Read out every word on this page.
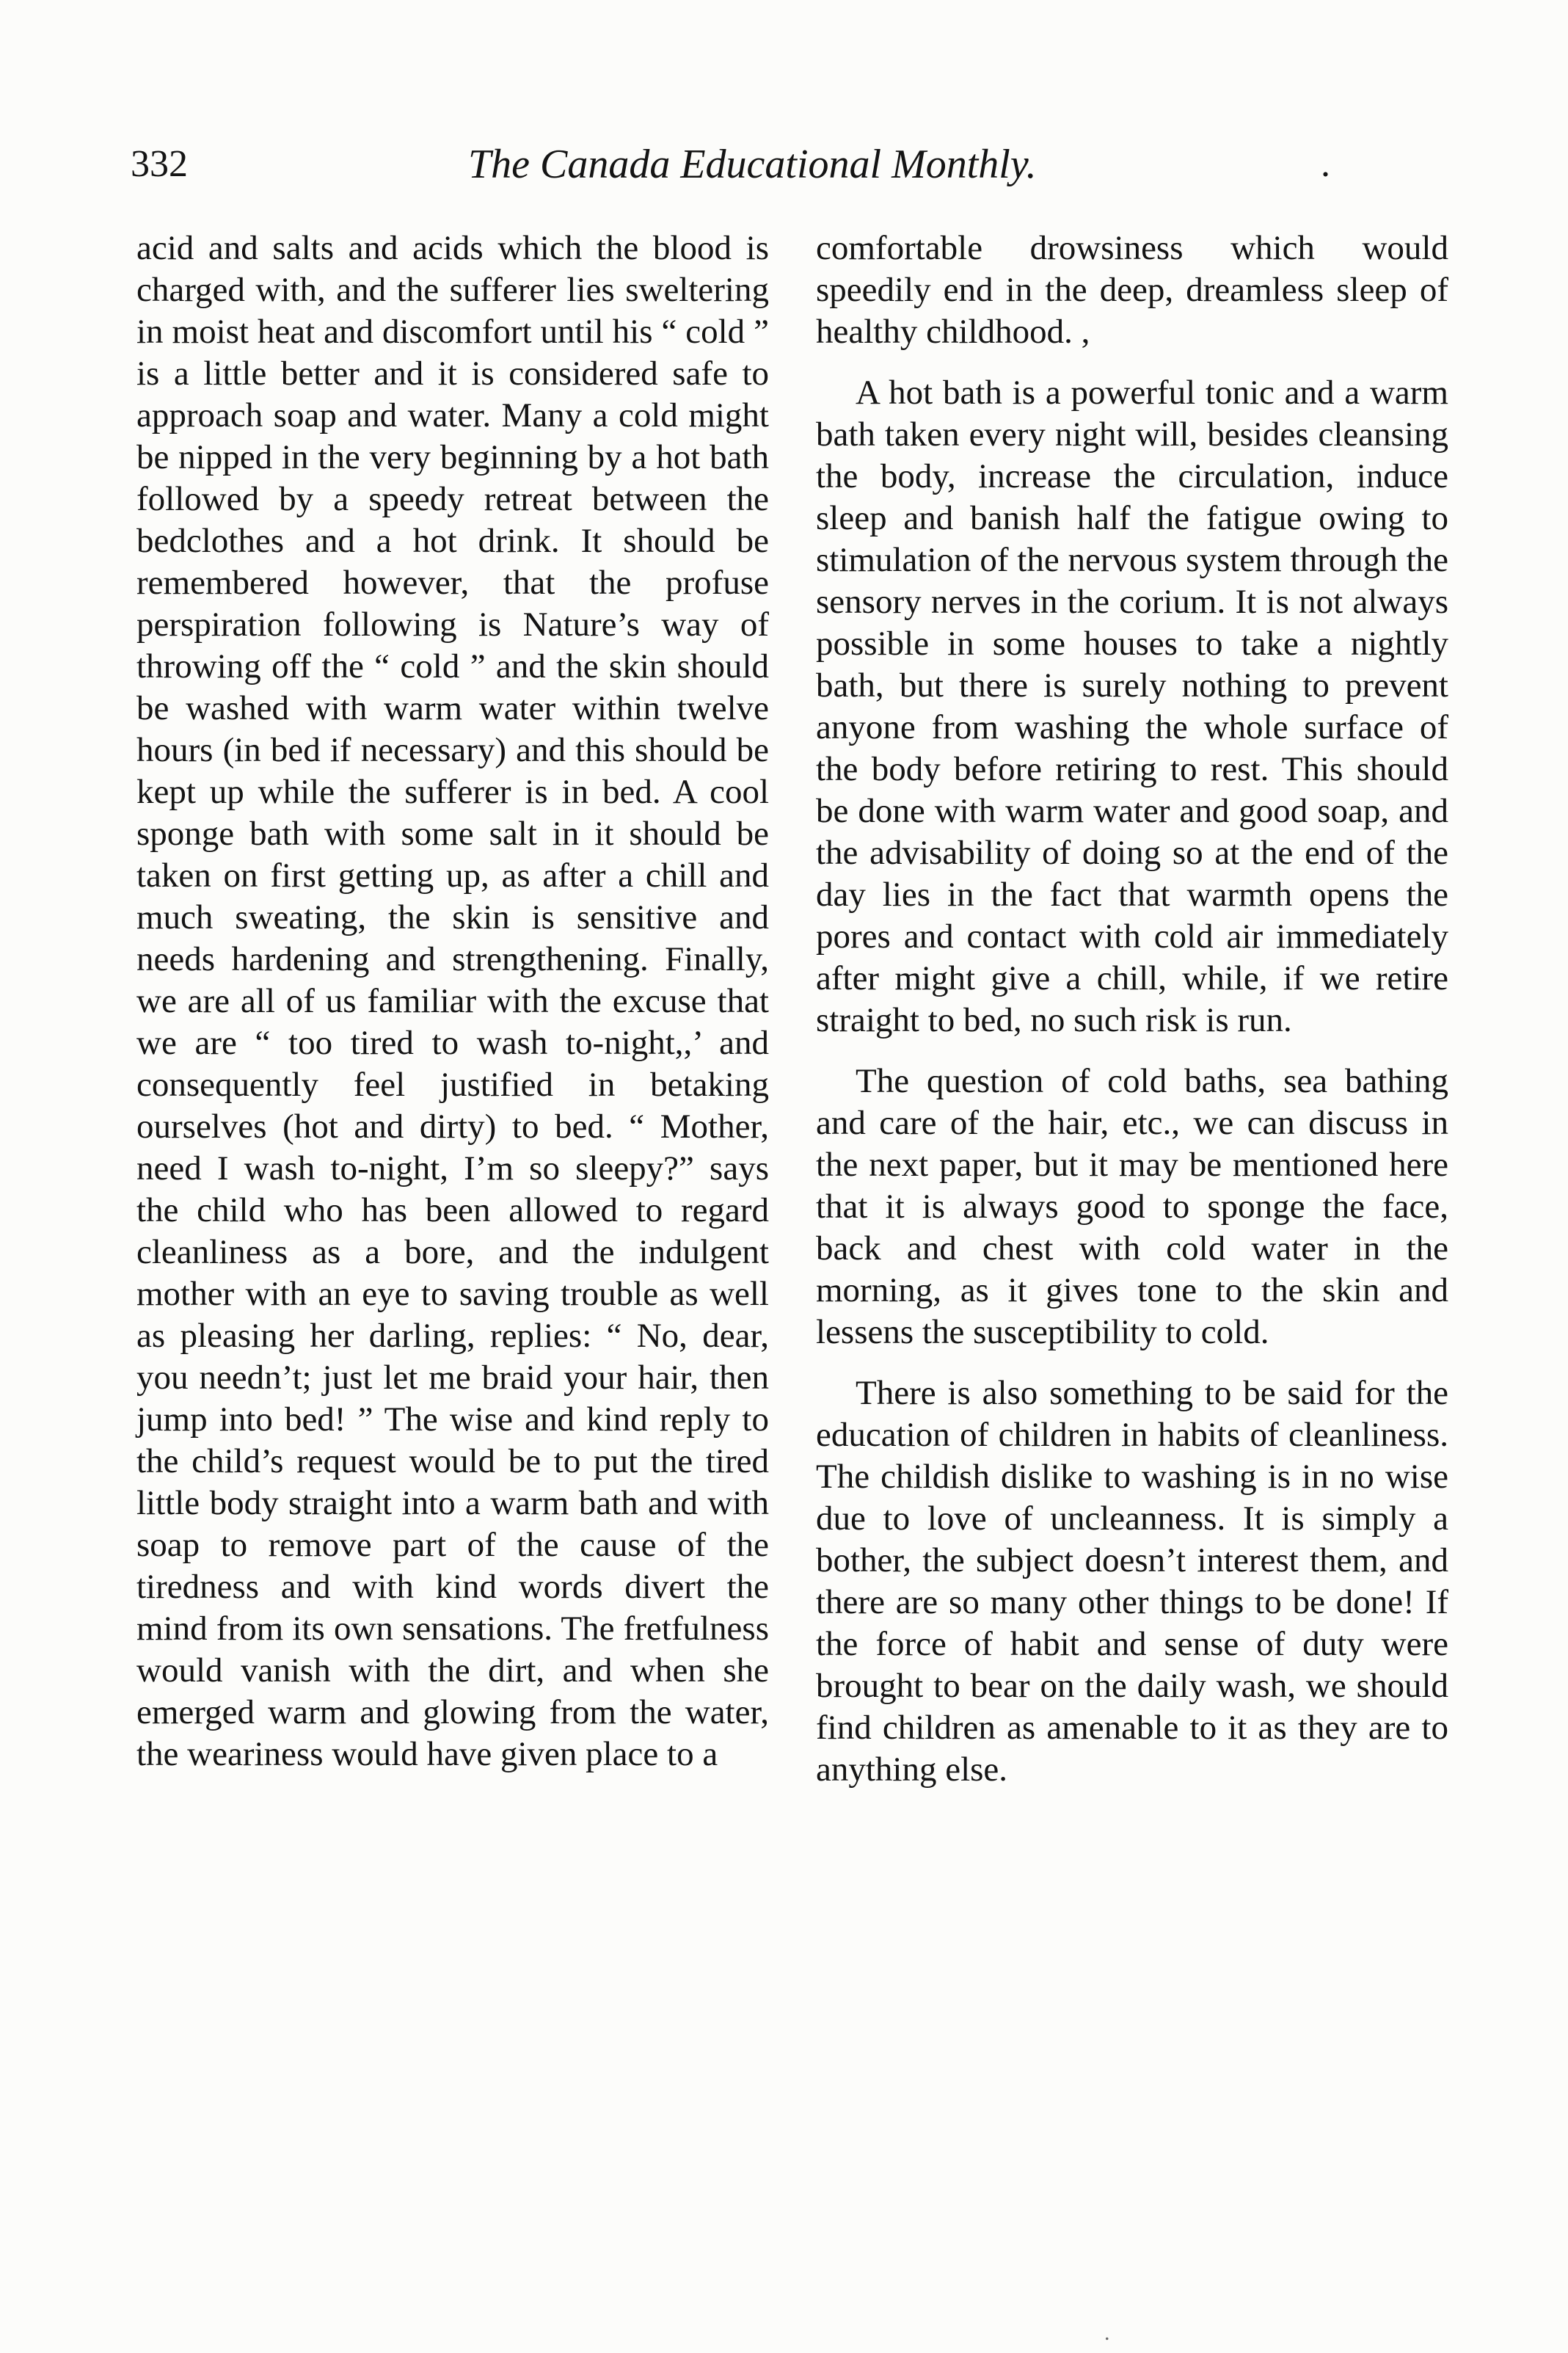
332	The Canada Educational Monthly.	.

acid and salts and acids which the blood is charged with, and the sufferer lies sweltering in moist heat and discomfort until his “ cold ” is a little better and it is considered safe to approach soap and water. Many a cold might be nipped in the very beginning by a hot bath followed by a speedy retreat between the bedclothes and a hot drink. It should be remembered however, that the profuse perspiration following is Nature’s way of throwing off the “ cold ” and the skin should be washed with warm water within twelve hours (in bed if necessary) and this should be kept up while the sufferer is in bed. A cool sponge bath with some salt in it should be taken on first getting up, as after a chill and much sweating, the skin is sensitive and needs hardening and strengthening. Finally, we are all of us familiar with the excuse that we are “ too tired to wash to-night,,’ and consequently feel justified in betaking ourselves (hot and dirty) to bed. “ Mother, need I wash to-night, I’m so sleepy?” says the child who has been allowed to regard cleanliness as a bore, and the indulgent mother with an eye to saving trouble as well as pleasing her darling, replies: “ No, dear, you needn’t; just let me braid your hair, then jump into bed! ” The wise and kind reply to the child’s request would be to put the tired little body straight into a warm bath and with soap to remove part of the cause of the tiredness and with kind words divert the mind from its own sensations. The fretfulness would vanish with the dirt, and when she emerged warm and glowing from the water, the weariness would have given place to a

comfortable drowsiness which would speedily end in the deep, dreamless sleep of healthy childhood. ,

A hot bath is a powerful tonic and a warm bath taken every night will, besides cleansing the body, increase the circulation, induce sleep and banish half the fatigue owing to stimulation of the nervous system through the sensory nerves in the corium. It is not always possible in some houses to take a nightly bath, but there is surely nothing to prevent anyone from washing the whole surface of the body before retiring to rest. This should be done with warm water and good soap, and the advisability of doing so at the end of the day lies in the fact that warmth opens the pores and contact with cold air immediately after might give a chill, while, if we retire straight to bed, no such risk is run.

The question of cold baths, sea bathing and care of the hair, etc., we can discuss in the next paper, but it may be mentioned here that it is always good to sponge the face, back and chest with cold water in the morning, as it gives tone to the skin and lessens the susceptibility to cold.

There is also something to be said for the education of children in habits of cleanliness. The childish dislike to washing is in no wise due to love of uncleanness. It is simply a bother, the subject doesn’t interest them, and there are so many other things to be done! If the force of habit and sense of duty were brought to bear on the daily wash, we should find children as amenable to it as they are to anything else.

.
